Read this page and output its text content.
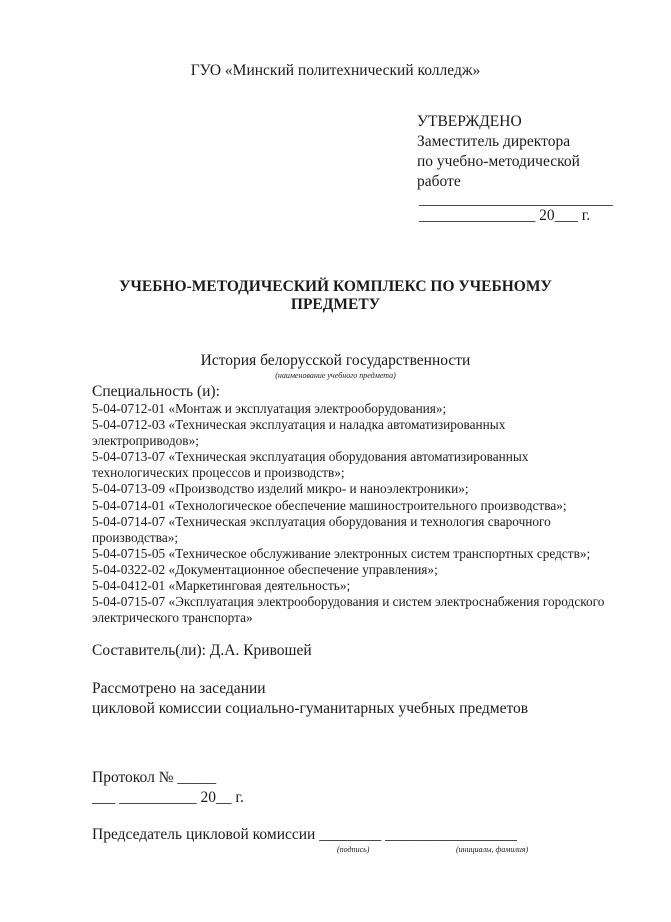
ГУО «Минский политехнический колледж»
УТВЕРЖДЕНО
Заместитель директора
по учебно-методической
работе
_________________________
_______________ 20___ г.
УЧЕБНО-МЕТОДИЧЕСКИЙ КОМПЛЕКС ПО УЧЕБНОМУ
ПРЕДМЕТУ
История белорусской государственности
(наименование учебного предмета)
Специальность (и):
5-04-0712-01 «Монтаж и эксплуатация электрооборудования»;
5-04-0712-03 «Техническая эксплуатация и наладка автоматизированных
электроприводов»;
5-04-0713-07 «Техническая эксплуатация оборудования автоматизированных
технологических процессов и производств»;
5-04-0713-09 «Производство изделий микро- и наноэлектроники»;
5-04-0714-01 «Технологическое обеспечение машиностроительного производства»;
5-04-0714-07 «Техническая эксплуатация оборудования и технология сварочного
производства»;
5-04-0715-05 «Техническое обслуживание электронных систем транспортных средств»;
5-04-0322-02 «Документационное обеспечение управления»;
5-04-0412-01 «Маркетинговая деятельность»;
5-04-0715-07 «Эксплуатация электрооборудования и систем электроснабжения городского
электрического транспорта»
Составитель(ли): Д.А. Кривошей
Рассмотрено на заседании
цикловой комиссии социально-гуманитарных учебных предметов
Протокол № _____
___ __________ 20__ г.
Председатель цикловой комиссии ________ _________________
(подпись)	(инициалы, фамилия)
